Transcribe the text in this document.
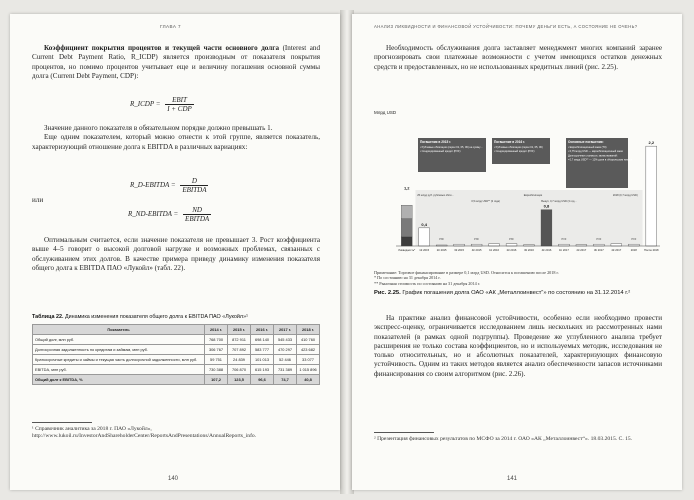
ГЛАВА 7

Коэффициент покрытия процентов и текущей части основного долга (Interest and Current Debt Payment Ratio, R_ICDP) является производным от показателя покрытия процентов, но помимо процентов учитывает еще и величину погашения основной суммы долга (Current Debt Payment, CDP):

R_ICDP = $\frac{\text{EBIT}}{\text{I + CDP}}$

Значение данного показателя в обязательном порядке должно превышать 1.

Еще одним показателем, который можно отнести к этой группе, является показатель, характеризующий отношение долга к EBITDA в различных вариациях:

R_D-EBITDA = $\frac{D}{\text{EBITDA}}$
или
R_ND-EBITDA = $\frac{ND}{\text{EBITDA}}$

Оптимальным считается, если значение показателя не превышает 3. Рост коэффициента выше 4–5 говорит о высокой долговой нагрузке и возможных проблемах, связанных с обслуживанием этих долгов. В качестве примера приведу динамику изменения показателя общего долга к EBITDA ПАО «Лукойл» (табл. 22).

Таблица 22. Динамика изменения показателя общего долга к EBITDA ПАО «Лукойл»¹
Показатель	2014 г.	2015 г.	2016 г.	2017 г.	2018 г.
Общий долг, млн руб.	768 700	872 911	698 140	545 433	410 760
Долгосрочная задолженность по кредитам и займам, млн руб.	306 767	707 892	583 777	470 297	423 682
Краткосрочные кредиты и займы и текущая часть долгосрочной задолженности, млн руб.	59 751	24 839	101 013	52 446	33 077
EBITDA, млн руб.	730 388	706 870	615 193	731 389	1 015 896
Общий долг к EBITDA, %	107,2	123,5	96,6	74,7	40,8
¹ Справочник аналитика за 2018 г. ПАО «Лукойл», http://www.lukoil.ru/InvestorAndShareholderCenter/ReportsAndPresentations/AnnualReports_info.
140
АНАЛИЗ ЛИКВИДНОСТИ И ФИНАНСОВОЙ УСТОЙЧИВОСТИ: ПОЧЕМУ ДЕНЬГИ ЕСТЬ, А СОСТОЯНИЕ НЕ ОЧЕНЬ?

Необходимость обслуживания долга заставляет менеджмент многих компаний заранее прогнозировать свои платежные возможности с учетом имеющихся остатков денежных средств и предоставленных, но не использованных кредитных линий (рис. 2.25).

Млрд USD
Погашения в 2015 г.
• Рублевые облигации (серии 01, 05, 06) на сумму…
• Синдицированный кредит (PXF)
Погашение в 2016 г.
• Рублевые облигации (серии 01, 05, 06)
• Синдицированный кредит (PXF)
Основные погашения:
• Еврооблигационный заем (ТЗ)
• 0,75 млрд USD — еврооблигационный заем
Долгосрочная стоимость заимствований:
• 0,7 млрд USD** — 12% доля в «Норильском никеле…
25 млрд руб. рублевых обли…
0,5 млрд USD** (3 года)
Еврооблигации
Выкуп, 0,7 млрд USD (3 год…
2018 (0,7 млрд USD)
1,2
Ликвидность*
0,4
1К 2015	2К 2015	3К 2015	4К 2015	1К 2016	2К 2016	3К 2016
0,8
4К 2016	1К 2017	2К 2017	3К 2017	4К 2017	2018
2,2
После 2018
PXF	PXF	PXF	PXF	PXF	PXF
Примечание: Торговое финансирование в размере 0,1 млрд USD. Относится к погашению после 2018 г.
* По состоянию на 31 декабря 2014 г.
** Рыночная стоимость по состоянию на 31 декабря 2014 г.
Рис. 2.25. График погашения долга ОАО «АК „Металлоинвест“» по состоянию на 31.12.2014 г.²

На практике анализ финансовой устойчивости, особенно если необходимо провести экспресс-оценку, ограничивается исследованием лишь нескольких из рассмотренных нами показателей (в рамках одной подгруппы). Проведение же углубленного анализа требует расширения не только состава коэффициентов, но и используемых методик, исследования не только относительных, но и абсолютных показателей, характеризующих финансовую устойчивость. Одним из таких методов является анализ обеспеченности запасов источниками финансирования со своим алгоритмом (рис. 2.26).

² Презентация финансовых результатов по МСФО за 2014 г. ОАО «АК „Металлоинвест“». 18.03.2015. С. 15.
141
